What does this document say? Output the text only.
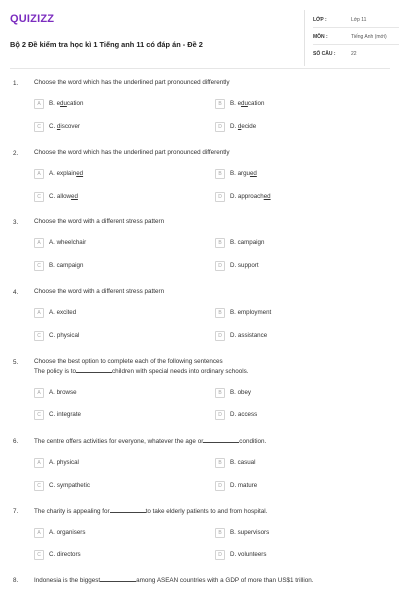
QUIZIZZ
Bộ 2 Đề kiểm tra học kì 1 Tiếng anh 11 có đáp án - Đề 2
LỚP :	Lớp 11
MÔN :	Tiếng Anh (mới)
SỐ CÂU :	22
1. Choose the word which has the underlined part pronounced differently
A	B. education	B	B. education
C	C. discover	D	D. decide
2. Choose the word which has the underlined part pronounced differently
A	A. explained	B	B. argued
C	C. allowed	D	D. approached
3. Choose the word with a different stress pattern
A	A. wheelchair	B	B. campaign
C	B. campaign	D	D. support
4. Choose the word with a different stress pattern
A	A. excited	B	B. employment
C	C. physical	D	D. assistance
5. Choose the best option to complete each of the following sentences
The policy is to	children with special needs into ordinary schools.
A	A. browse	B	B. obey
C	C. integrate	D	D. access
6. The centre offers activities for everyone, whatever the age or	condition.
A	A. physical	B	B. casual
C	C. sympathetic	D	D. mature
7. The charity is appealing for	to take elderly patients to and from hospital.
A	A. organisers	B	B. supervisors
C	C. directors	D	D. volunteers
8. Indonesia is the biggest	among ASEAN countries with a GDP of more than US$1 trillion.
